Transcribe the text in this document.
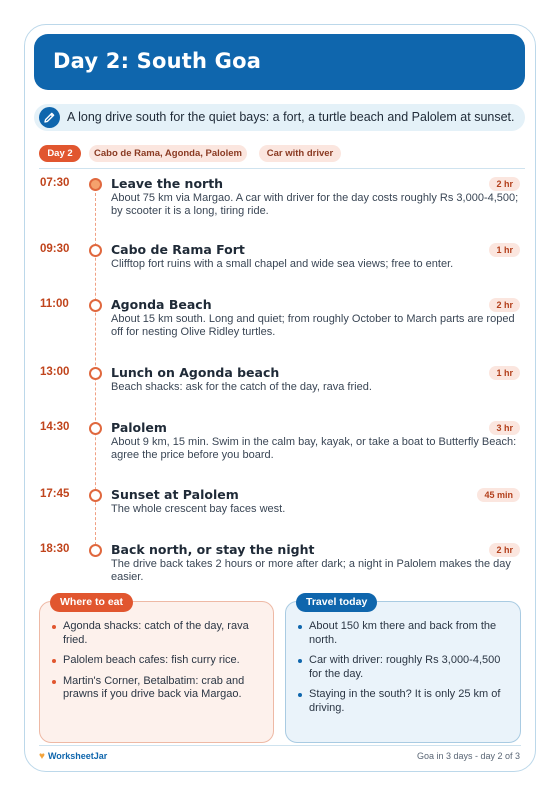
Day 2: South Goa
A long drive south for the quiet bays: a fort, a turtle beach and Palolem at sunset.
Day 2	Cabo de Rama, Agonda, Palolem	Car with driver
07:30	Leave the north	2 hr
About 75 km via Margao. A car with driver for the day costs roughly Rs 3,000-4,500; by scooter it is a long, tiring ride.
09:30	Cabo de Rama Fort	1 hr
Clifftop fort ruins with a small chapel and wide sea views; free to enter.
11:00	Agonda Beach	2 hr
About 15 km south. Long and quiet; from roughly October to March parts are roped off for nesting Olive Ridley turtles.
13:00	Lunch on Agonda beach	1 hr
Beach shacks: ask for the catch of the day, rava fried.
14:30	Palolem	3 hr
About 9 km, 15 min. Swim in the calm bay, kayak, or take a boat to Butterfly Beach: agree the price before you board.
17:45	Sunset at Palolem	45 min
The whole crescent bay faces west.
18:30	Back north, or stay the night	2 hr
The drive back takes 2 hours or more after dark; a night in Palolem makes the day easier.
Where to eat
Agonda shacks: catch of the day, rava fried.
Palolem beach cafes: fish curry rice.
Martin's Corner, Betalbatim: crab and prawns if you drive back via Margao.
Travel today
About 150 km there and back from the north.
Car with driver: roughly Rs 3,000-4,500 for the day.
Staying in the south? It is only 25 km of driving.
♥ WorksheetJar	Goa in 3 days - day 2 of 3
